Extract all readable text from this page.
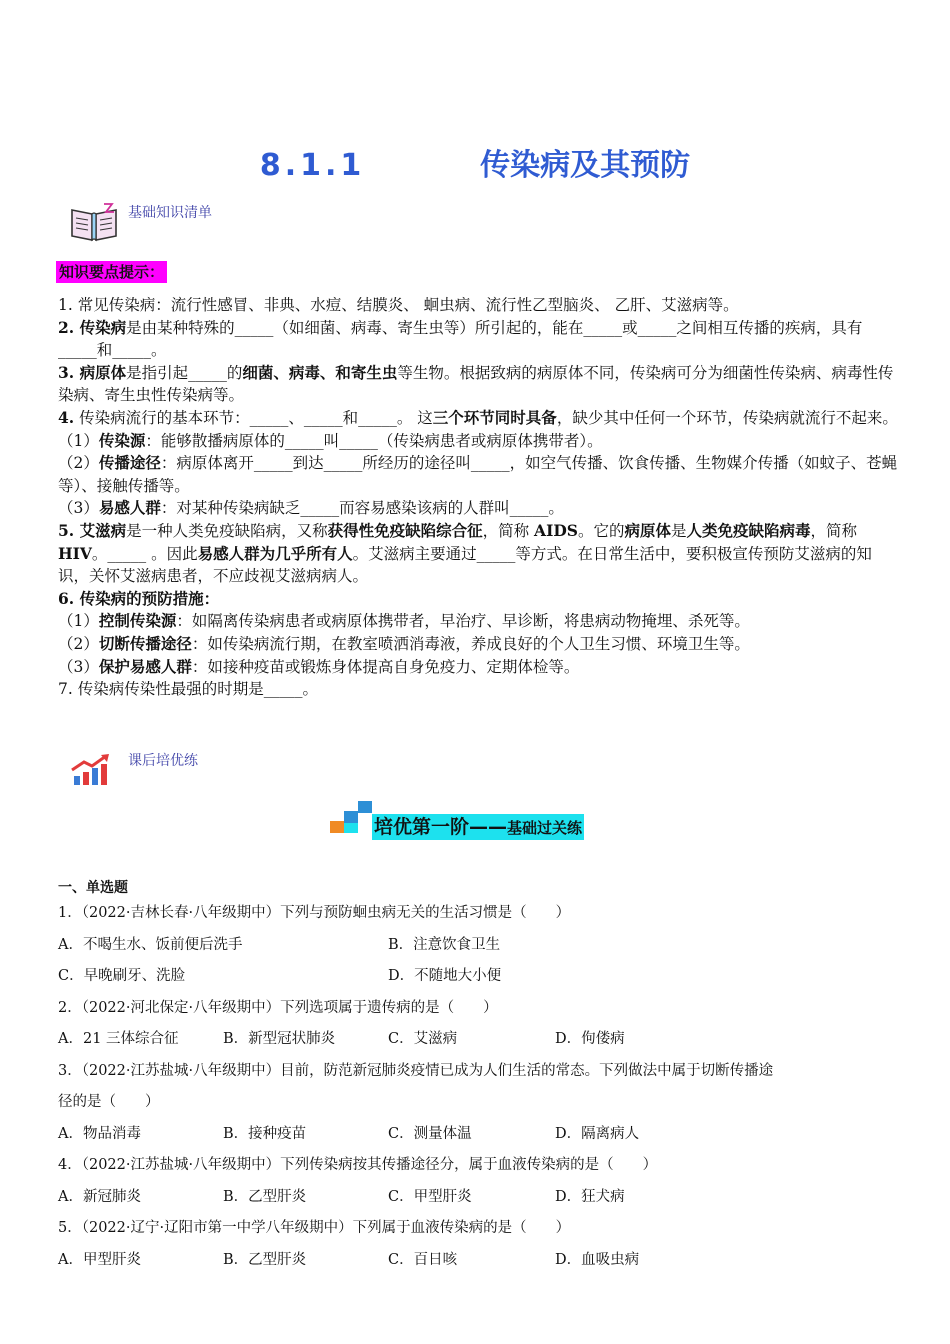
8.1.1	传染病及其预防
基础知识清单
知识要点提示：

1. 常见传染病：流行性感冒、非典、水痘、结膜炎、 蛔虫病、流行性乙型脑炎、 乙肝、艾滋病等。

2. 传染病是由某种特殊的_____（如细菌、病毒、寄生虫等）所引起的，能在_____或_____之间相互传播的疾病，具有_____和_____。

3. 病原体是指引起_____的细菌、病毒、和寄生虫等生物。根据致病的病原体不同，传染病可分为细菌性传染病、病毒性传染病、寄生虫性传染病等。

4. 传染病流行的基本环节：_____、_____和_____。 这三个环节同时具备，缺少其中任何一个环节，传染病就流行不起来。

（1）传染源：能够散播病原体的_____叫_____（传染病患者或病原体携带者）。

（2）传播途径：病原体离开_____到达_____所经历的途径叫_____，如空气传播、饮食传播、生物媒介传播（如蚊子、苍蝇等）、接触传播等。

（3）易感人群：对某种传染病缺乏_____而容易感染该病的人群叫_____。

5. 艾滋病是一种人类免疫缺陷病，又称获得性免疫缺陷综合征，简称 AIDS。它的病原体是人类免疫缺陷病毒，简称 HIV。_____ 。因此易感人群为几乎所有人。艾滋病主要通过_____等方式。在日常生活中，要积极宣传预防艾滋病的知识，关怀艾滋病患者，不应歧视艾滋病病人。

6. 传染病的预防措施：

（1）控制传染源：如隔离传染病患者或病原体携带者，早治疗、早诊断，将患病动物掩埋、杀死等。

（2）切断传播途径：如传染病流行期，在教室喷洒消毒液，养成良好的个人卫生习惯、环境卫生等。

（3）保护易感人群：如接种疫苗或锻炼身体提高自身免疫力、定期体检等。

7. 传染病传染性最强的时期是_____。

课后培优练
培优第一阶——基础过关练
一、单选题
1．（2022·吉林长春·八年级期中）下列与预防蛔虫病无关的生活习惯是（　　）
A．不喝生水、饭前便后洗手	B．注意饮食卫生
C．早晚刷牙、洗脸	D．不随地大小便
2．（2022·河北保定·八年级期中）下列选项属于遗传病的是（　　）
A．21 三体综合征	B．新型冠状肺炎	C．艾滋病	D．佝偻病
3．（2022·江苏盐城·八年级期中）目前，防范新冠肺炎疫情已成为人们生活的常态。下列做法中属于切断传播途
径的是（　　）
A．物品消毒	B．接种疫苗	C．测量体温	D．隔离病人
4．（2022·江苏盐城·八年级期中）下列传染病按其传播途径分，属于血液传染病的是（　　）
A．新冠肺炎	B．乙型肝炎	C．甲型肝炎	D．狂犬病
5．（2022·辽宁·辽阳市第一中学八年级期中）下列属于血液传染病的是（　　）
A．甲型肝炎	B．乙型肝炎	C．百日咳	D．血吸虫病
